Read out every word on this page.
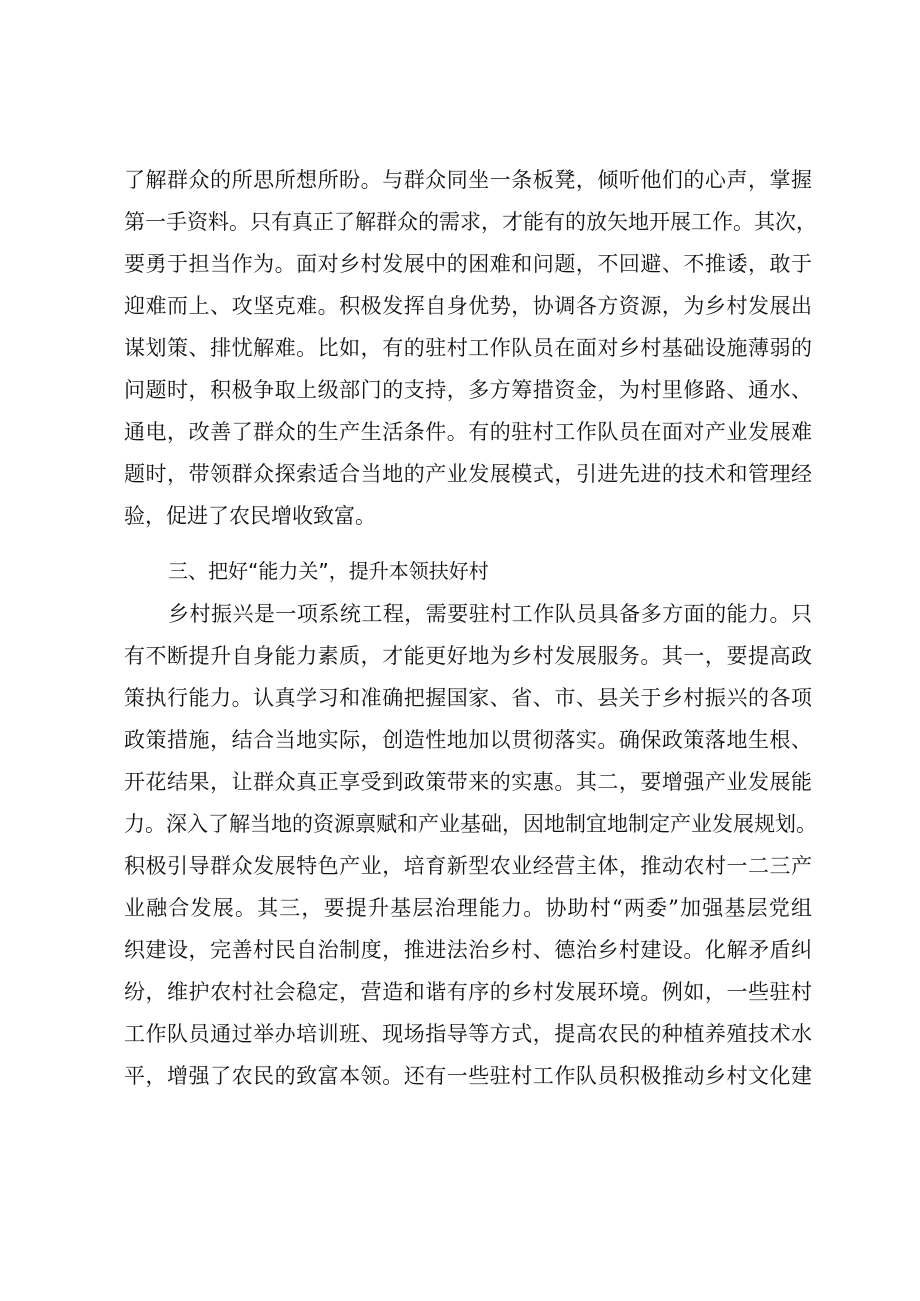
了解群众的所思所想所盼。与群众同坐一条板凳，倾听他们的心声，掌握
第一手资料。只有真正了解群众的需求，才能有的放矢地开展工作。其次，
要勇于担当作为。面对乡村发展中的困难和问题，不回避、不推诿，敢于
迎难而上、攻坚克难。积极发挥自身优势，协调各方资源，为乡村发展出
谋划策、排忧解难。比如，有的驻村工作队员在面对乡村基础设施薄弱的
问题时，积极争取上级部门的支持，多方筹措资金，为村里修路、通水、
通电，改善了群众的生产生活条件。有的驻村工作队员在面对产业发展难
题时，带领群众探索适合当地的产业发展模式，引进先进的技术和管理经
验，促进了农民增收致富。
三、把好“能力关”，提升本领扶好村
乡村振兴是一项系统工程，需要驻村工作队员具备多方面的能力。只
有不断提升自身能力素质，才能更好地为乡村发展服务。其一，要提高政
策执行能力。认真学习和准确把握国家、省、市、县关于乡村振兴的各项
政策措施，结合当地实际，创造性地加以贯彻落实。确保政策落地生根、
开花结果，让群众真正享受到政策带来的实惠。其二，要增强产业发展能
力。深入了解当地的资源禀赋和产业基础，因地制宜地制定产业发展规划。
积极引导群众发展特色产业，培育新型农业经营主体，推动农村一二三产
业融合发展。其三，要提升基层治理能力。协助村“两委”加强基层党组
织建设，完善村民自治制度，推进法治乡村、德治乡村建设。化解矛盾纠
纷，维护农村社会稳定，营造和谐有序的乡村发展环境。例如，一些驻村
工作队员通过举办培训班、现场指导等方式，提高农民的种植养殖技术水
平，增强了农民的致富本领。还有一些驻村工作队员积极推动乡村文化建
